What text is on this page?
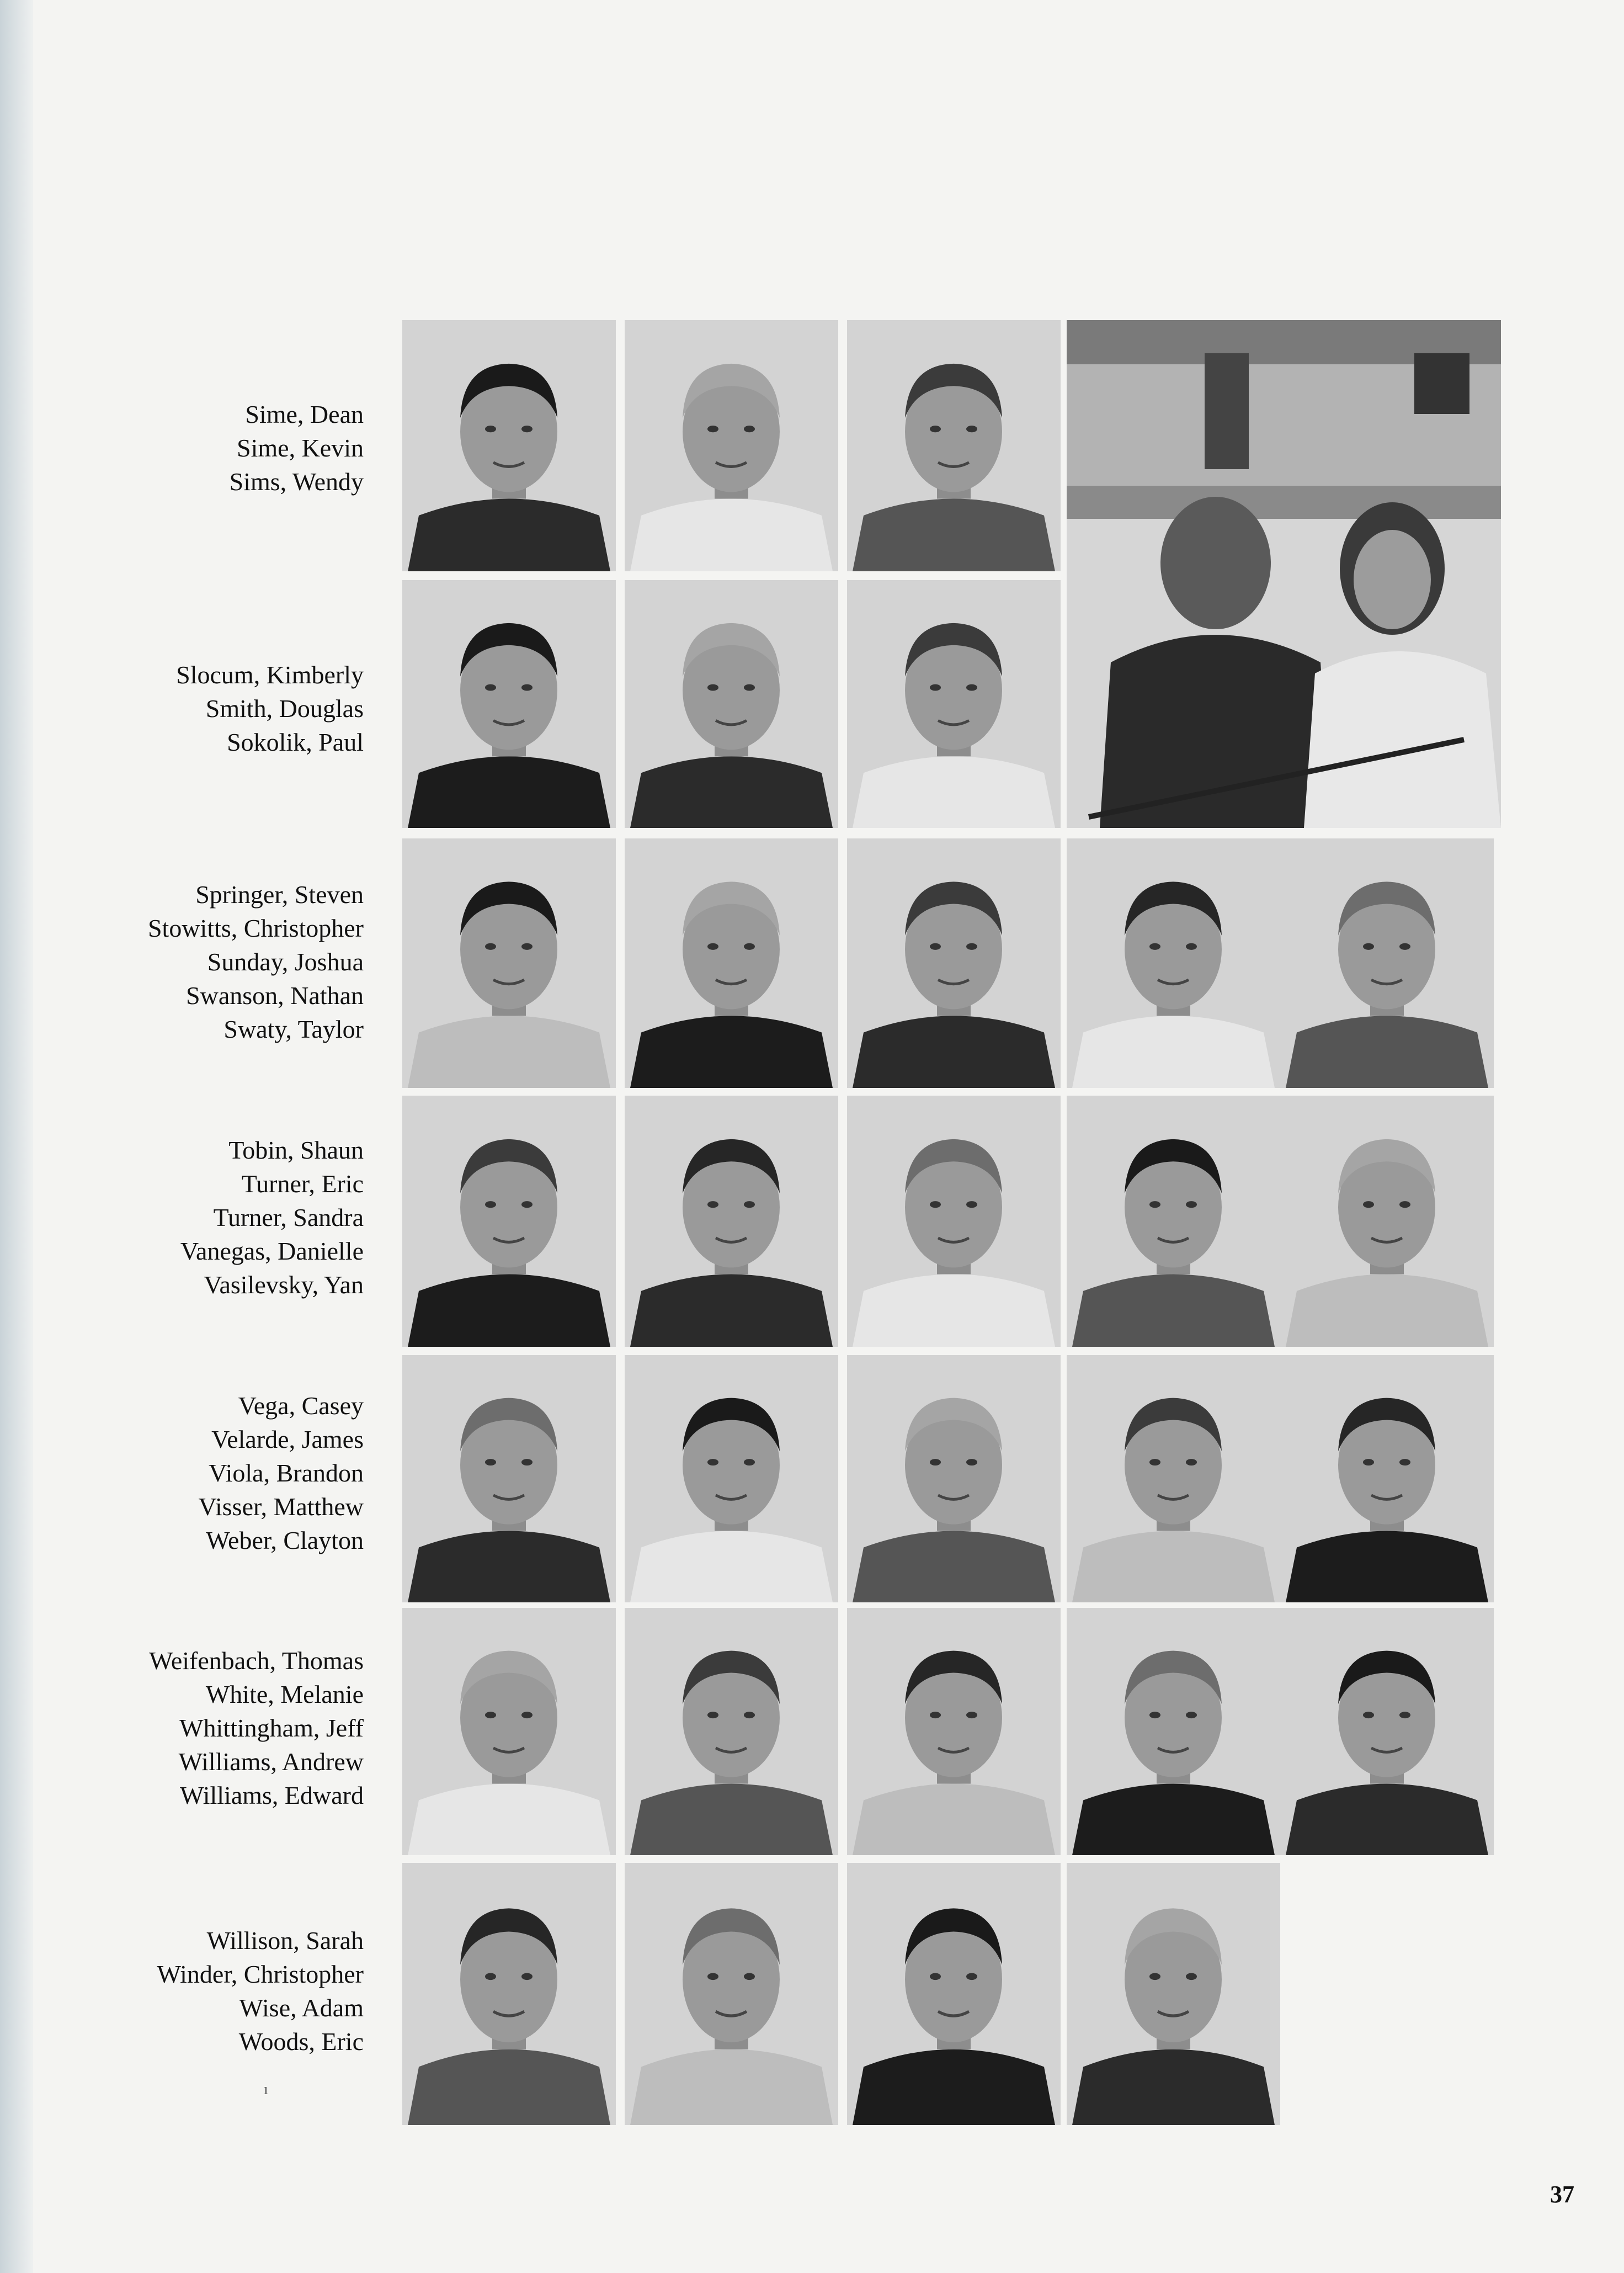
Sime, Dean
Sime, Kevin
Sims, Wendy
Slocum, Kimberly
Smith, Douglas
Sokolik, Paul
Springer, Steven
Stowitts, Christopher
Sunday, Joshua
Swanson, Nathan
Swaty, Taylor
Tobin, Shaun
Turner, Eric
Turner, Sandra
Vanegas, Danielle
Vasilevsky, Yan
Vega, Casey
Velarde, James
Viola, Brandon
Visser, Matthew
Weber, Clayton
Weifenbach, Thomas
White, Melanie
Whittingham, Jeff
Williams, Andrew
Williams, Edward
Willison, Sarah
Winder, Christopher
Wise, Adam
Woods, Eric
ı
37
